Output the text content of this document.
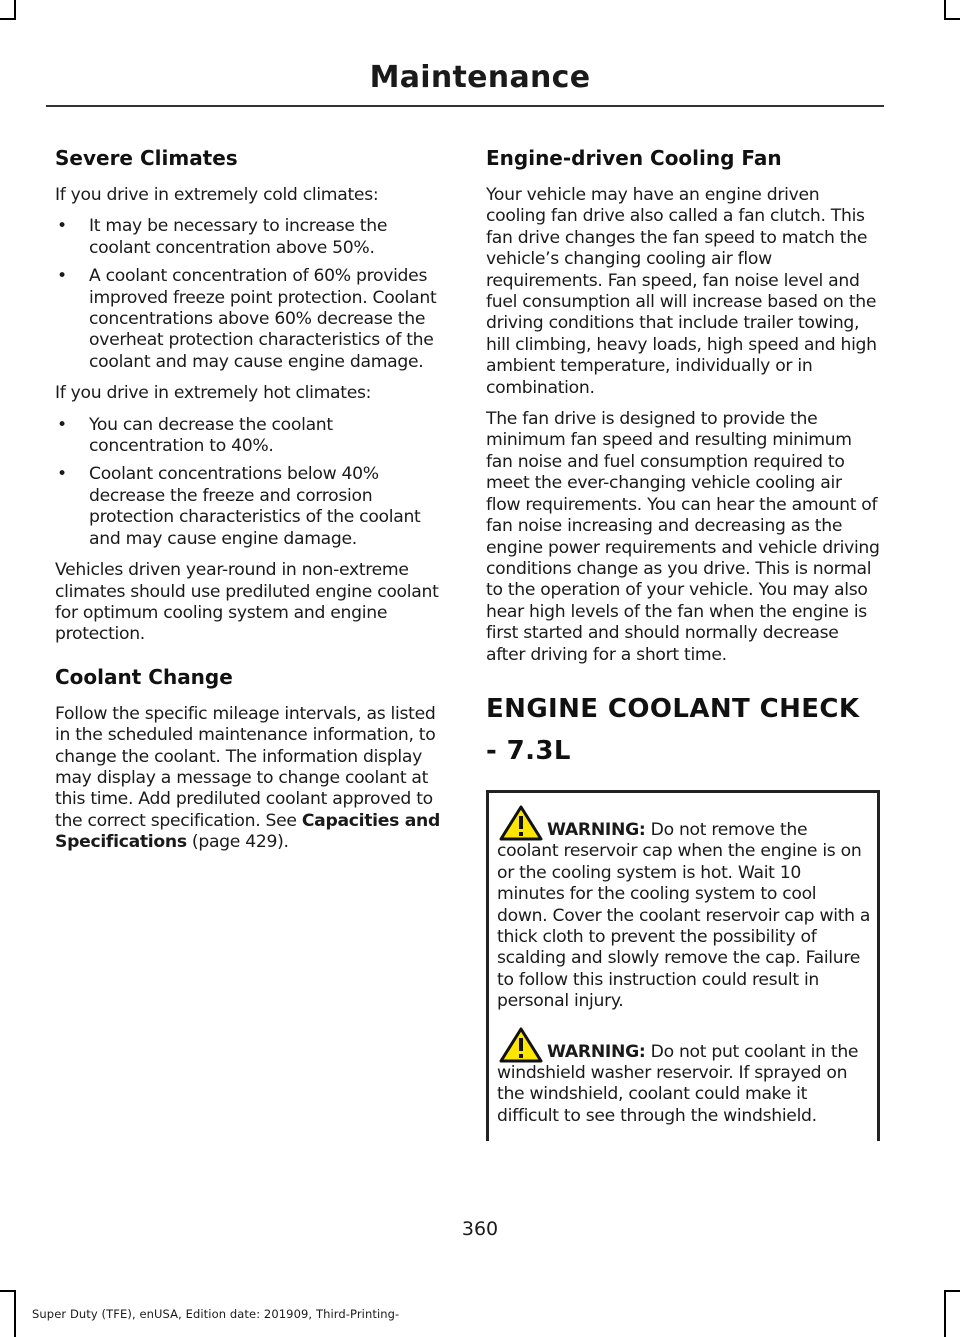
Maintenance
Severe Climates

If you drive in extremely cold climates:

• It may be necessary to increase the coolant concentration above 50%.
• A coolant concentration of 60% provides improved freeze point protection. Coolant concentrations above 60% decrease the overheat protection characteristics of the coolant and may cause engine damage.

If you drive in extremely hot climates:

• You can decrease the coolant concentration to 40%.
• Coolant concentrations below 40% decrease the freeze and corrosion protection characteristics of the coolant and may cause engine damage.

Vehicles driven year-round in non-extreme climates should use prediluted engine coolant for optimum cooling system and engine protection.

Coolant Change

Follow the specific mileage intervals, as listed in the scheduled maintenance information, to change the coolant. The information display may display a message to change coolant at this time. Add prediluted coolant approved to the correct specification. See Capacities and Specifications (page 429).

Engine-driven Cooling Fan

Your vehicle may have an engine driven cooling fan drive also called a fan clutch. This fan drive changes the fan speed to match the vehicle’s changing cooling air flow requirements. Fan speed, fan noise level and fuel consumption all will increase based on the driving conditions that include trailer towing, hill climbing, heavy loads, high speed and high ambient temperature, individually or in combination.

The fan drive is designed to provide the minimum fan speed and resulting minimum fan noise and fuel consumption required to meet the ever-changing vehicle cooling air flow requirements. You can hear the amount of fan noise increasing and decreasing as the engine power requirements and vehicle driving conditions change as you drive. This is normal to the operation of your vehicle. You may also hear high levels of the fan when the engine is first started and should normally decrease after driving for a short time.

ENGINE COOLANT CHECK - 7.3L

WARNING: Do not remove the coolant reservoir cap when the engine is on or the cooling system is hot. Wait 10 minutes for the cooling system to cool down. Cover the coolant reservoir cap with a thick cloth to prevent the possibility of scalding and slowly remove the cap. Failure to follow this instruction could result in personal injury.

WARNING: Do not put coolant in the windshield washer reservoir. If sprayed on the windshield, coolant could make it difficult to see through the windshield.

360
Super Duty (TFE), enUSA, Edition date: 201909, Third-Printing-
